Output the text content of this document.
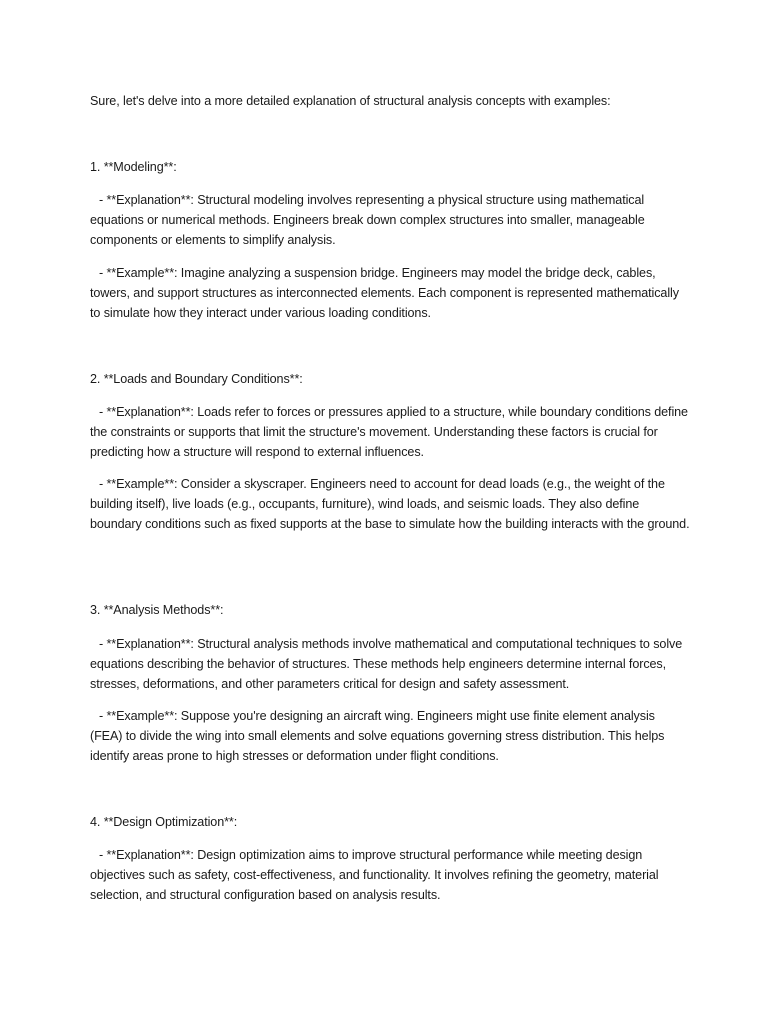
Sure, let's delve into a more detailed explanation of structural analysis concepts with examples:

1. **Modeling**:

- **Explanation**: Structural modeling involves representing a physical structure using mathematical equations or numerical methods. Engineers break down complex structures into smaller, manageable components or elements to simplify analysis.

- **Example**: Imagine analyzing a suspension bridge. Engineers may model the bridge deck, cables, towers, and support structures as interconnected elements. Each component is represented mathematically to simulate how they interact under various loading conditions.

2. **Loads and Boundary Conditions**:

- **Explanation**: Loads refer to forces or pressures applied to a structure, while boundary conditions define the constraints or supports that limit the structure's movement. Understanding these factors is crucial for predicting how a structure will respond to external influences.

- **Example**: Consider a skyscraper. Engineers need to account for dead loads (e.g., the weight of the building itself), live loads (e.g., occupants, furniture), wind loads, and seismic loads. They also define boundary conditions such as fixed supports at the base to simulate how the building interacts with the ground.

3. **Analysis Methods**:

- **Explanation**: Structural analysis methods involve mathematical and computational techniques to solve equations describing the behavior of structures. These methods help engineers determine internal forces, stresses, deformations, and other parameters critical for design and safety assessment.

- **Example**: Suppose you're designing an aircraft wing. Engineers might use finite element analysis (FEA) to divide the wing into small elements and solve equations governing stress distribution. This helps identify areas prone to high stresses or deformation under flight conditions.

4. **Design Optimization**:

- **Explanation**: Design optimization aims to improve structural performance while meeting design objectives such as safety, cost-effectiveness, and functionality. It involves refining the geometry, material selection, and structural configuration based on analysis results.
